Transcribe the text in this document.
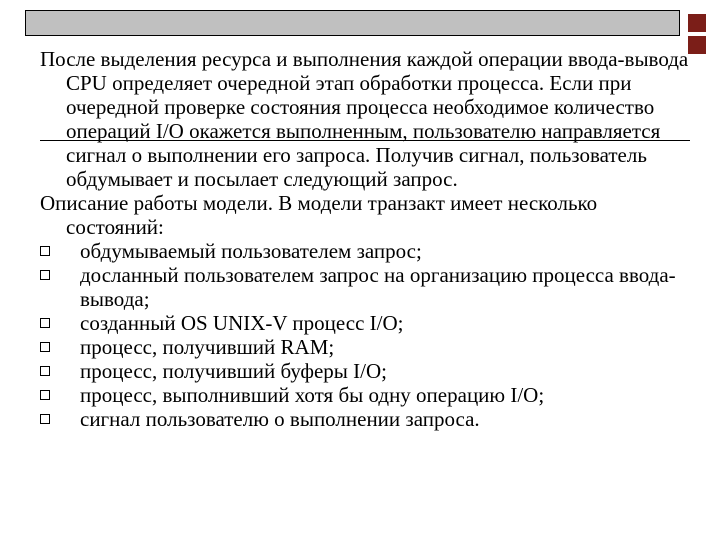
После выделения ресурса и выполнения каждой операции ввода-вывода CPU определяет очередной этап обработки процесса. Если при очередной проверке состояния процесса необходимое количество операций I/O окажется выполненным, пользователю направляется сигнал о выполнении его запроса. Получив сигнал, пользователь обдумывает и посылает следующий запрос.

Описание работы модели. В модели транзакт имеет несколько состояний:

обдумываемый пользователем запрос;
досланный пользователем запрос на организацию процесса ввода-вывода;
созданный OS UNIX-V процесс I/O;
процесс, получивший RAM;
процесс, получивший буферы I/O;
процесс, выполнивший хотя бы одну операцию I/O;
сигнал пользователю о выполнении запроса.
